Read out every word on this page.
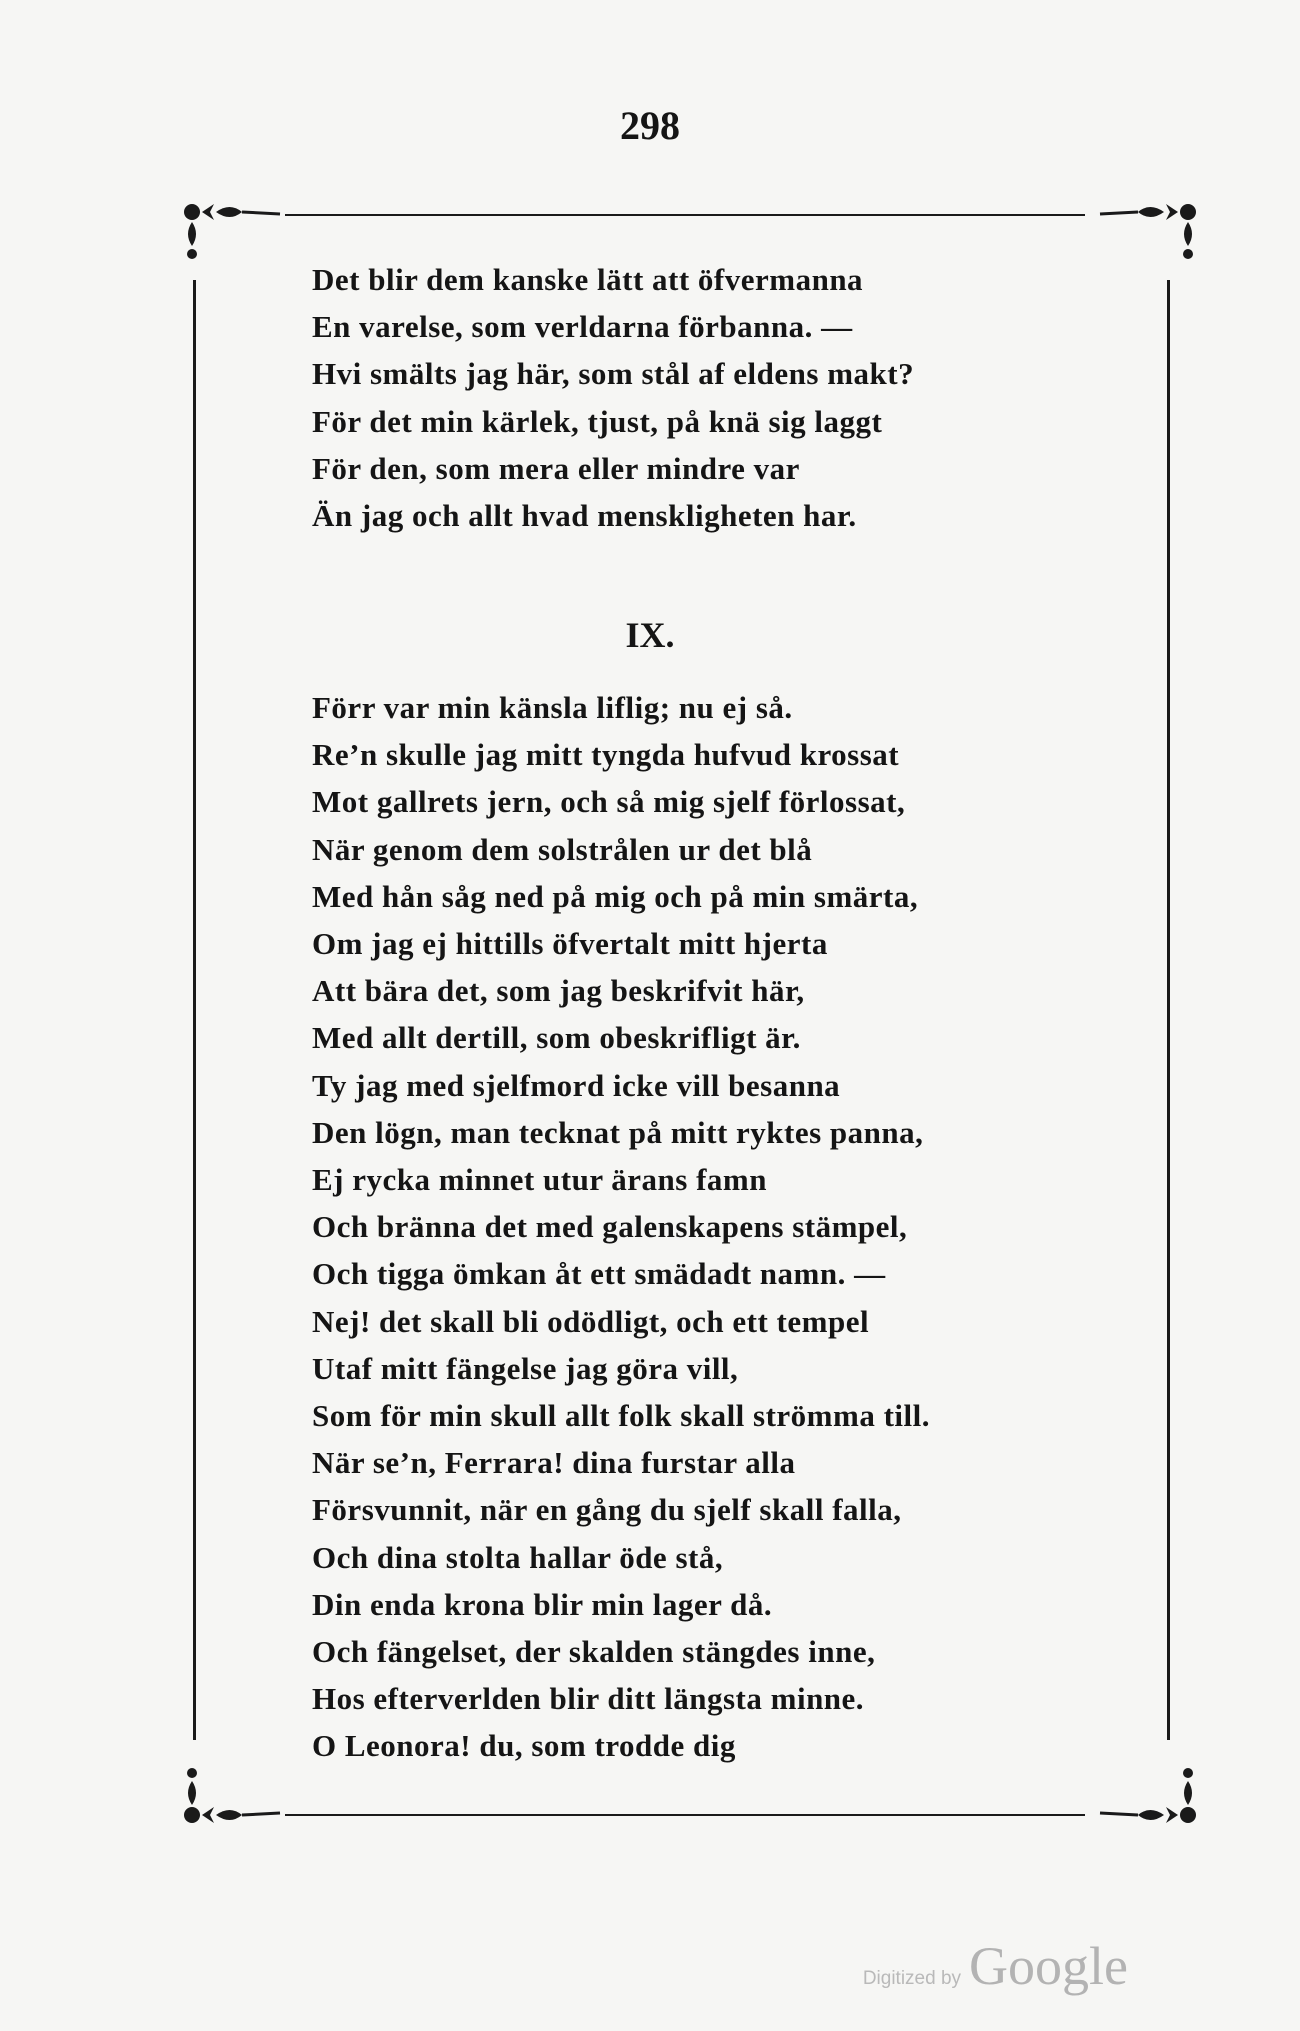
298
Det blir dem kanske lätt att öfvermanna
En varelse, som verldarna förbanna. —
Hvi smälts jag här, som stål af eldens makt?
För det min kärlek, tjust, på knä sig laggt
För den, som mera eller mindre var
Än jag och allt hvad menskligheten har.
IX.
Förr var min känsla liflig; nu ej så.
Re’n skulle jag mitt tyngda hufvud krossat
Mot gallrets jern, och så mig sjelf förlossat,
När genom dem solstrålen ur det blå
Med hån såg ned på mig och på min smärta,
Om jag ej hittills öfvertalt mitt hjerta
Att bära det, som jag beskrifvit här,
Med allt dertill, som obeskrifligt är.
Ty jag med sjelfmord icke vill besanna
Den lögn, man tecknat på mitt ryktes panna,
Ej rycka minnet utur ärans famn
Och bränna det med galenskapens stämpel,
Och tigga ömkan åt ett smädadt namn. —
Nej! det skall bli odödligt, och ett tempel
Utaf mitt fängelse jag göra vill,
Som för min skull allt folk skall strömma till.
När se’n, Ferrara! dina furstar alla
Försvunnit, när en gång du sjelf skall falla,
Och dina stolta hallar öde stå,
Din enda krona blir min lager då.
Och fängelset, der skalden stängdes inne,
Hos efterverlden blir ditt längsta minne.
O Leonora! du, som trodde dig
Digitized by Google
